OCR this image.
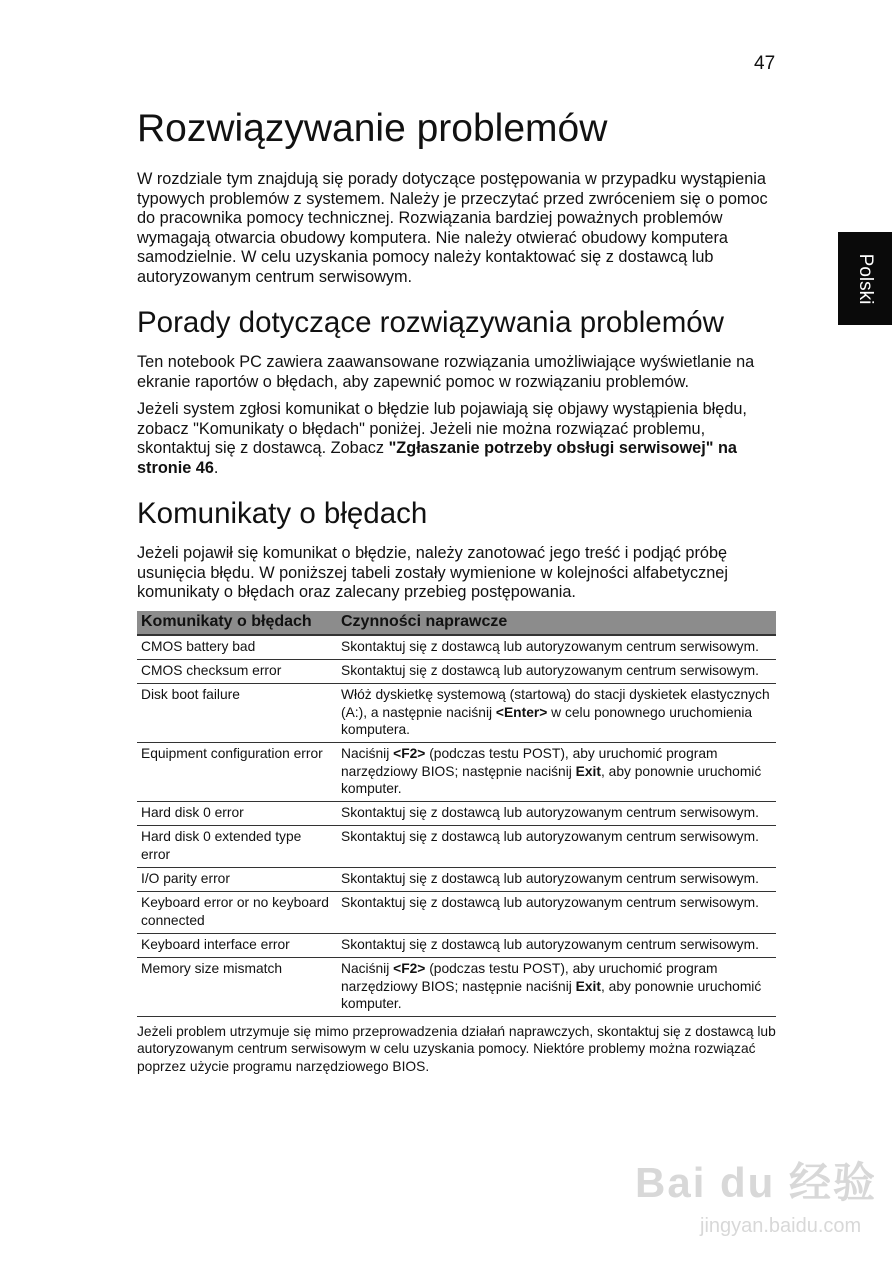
47
Polski
Rozwiązywanie problemów

W rozdziale tym znajdują się porady dotyczące postępowania w przypadku wystąpienia typowych problemów z systemem. Należy je przeczytać przed zwróceniem się o pomoc do pracownika pomocy technicznej. Rozwiązania bardziej poważnych problemów wymagają otwarcia obudowy komputera. Nie należy otwierać obudowy komputera samodzielnie. W celu uzyskania pomocy należy kontaktować się z dostawcą lub autoryzowanym centrum serwisowym.

Porady dotyczące rozwiązywania problemów

Ten notebook PC zawiera zaawansowane rozwiązania umożliwiające wyświetlanie na ekranie raportów o błędach, aby zapewnić pomoc w rozwiązaniu problemów.

Jeżeli system zgłosi komunikat o błędzie lub pojawiają się objawy wystąpienia błędu, zobacz "Komunikaty o błędach" poniżej. Jeżeli nie można rozwiązać problemu, skontaktuj się z dostawcą. Zobacz "Zgłaszanie potrzeby obsługi serwisowej" na stronie 46.

Komunikaty o błędach

Jeżeli pojawił się komunikat o błędzie, należy zanotować jego treść i podjąć próbę usunięcia błędu. W poniższej tabeli zostały wymienione w kolejności alfabetycznej komunikaty o błędach oraz zalecany przebieg postępowania.

Komunikaty o błędach	Czynności naprawcze
CMOS battery bad	Skontaktuj się z dostawcą lub autoryzowanym centrum serwisowym.
CMOS checksum error	Skontaktuj się z dostawcą lub autoryzowanym centrum serwisowym.
Disk boot failure	Włóż dyskietkę systemową (startową) do stacji dyskietek elastycznych (A:), a następnie naciśnij <Enter> w celu ponownego uruchomienia komputera.
Equipment configuration error	Naciśnij <F2> (podczas testu POST), aby uruchomić program narzędziowy BIOS; następnie naciśnij Exit, aby ponownie uruchomić komputer.
Hard disk 0 error	Skontaktuj się z dostawcą lub autoryzowanym centrum serwisowym.
Hard disk 0 extended type error	Skontaktuj się z dostawcą lub autoryzowanym centrum serwisowym.
I/O parity error	Skontaktuj się z dostawcą lub autoryzowanym centrum serwisowym.
Keyboard error or no keyboard connected	Skontaktuj się z dostawcą lub autoryzowanym centrum serwisowym.
Keyboard interface error	Skontaktuj się z dostawcą lub autoryzowanym centrum serwisowym.
Memory size mismatch	Naciśnij <F2> (podczas testu POST), aby uruchomić program narzędziowy BIOS; następnie naciśnij Exit, aby ponownie uruchomić komputer.

Jeżeli problem utrzymuje się mimo przeprowadzenia działań naprawczych, skontaktuj się z dostawcą lub autoryzowanym centrum serwisowym w celu uzyskania pomocy. Niektóre problemy można rozwiązać poprzez użycie programu narzędziowego BIOS.

Bai du 经验
jingyan.baidu.com
